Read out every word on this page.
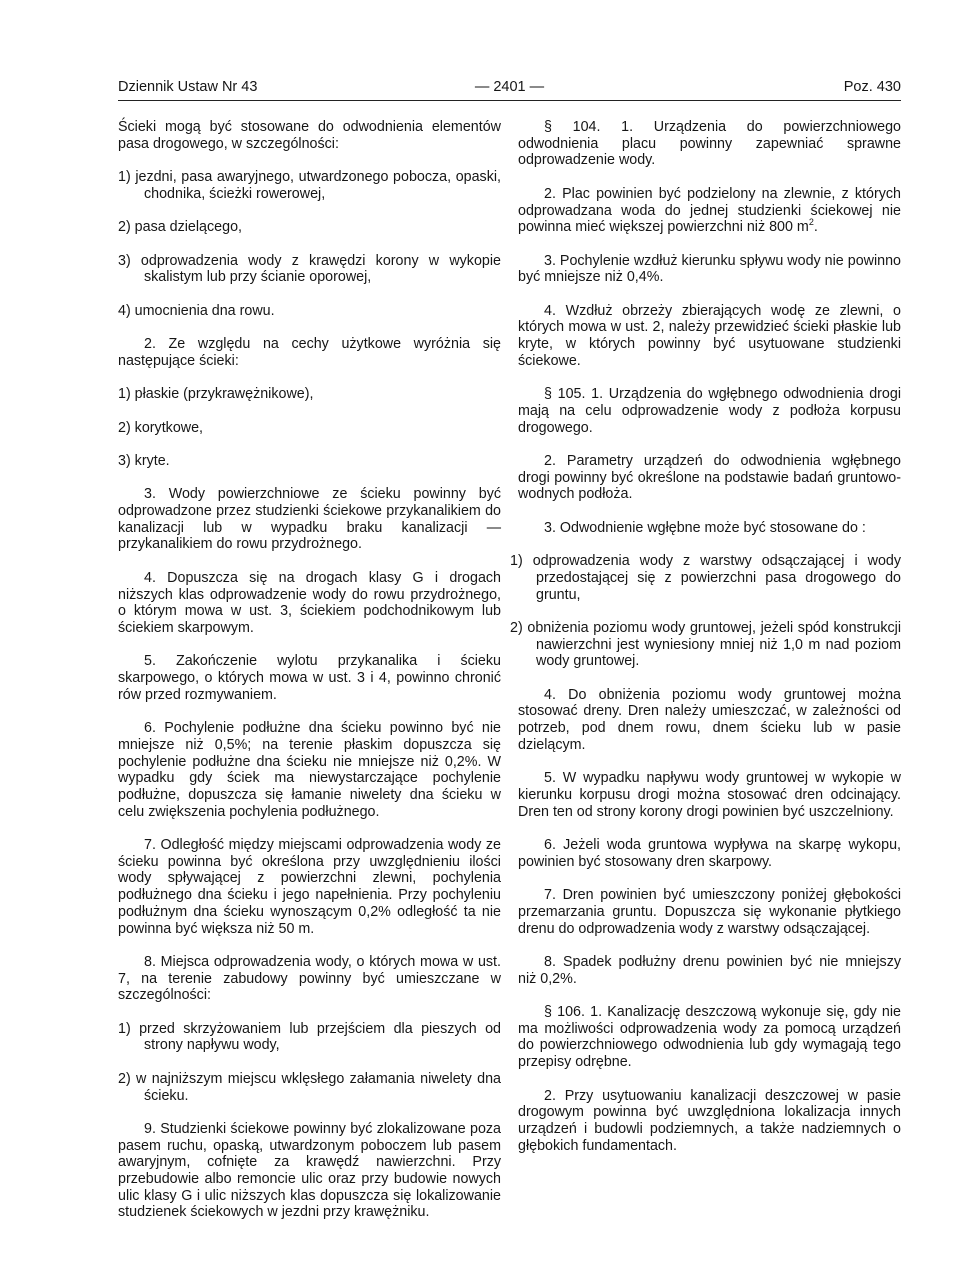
Dziennik Ustaw Nr 43	— 2401 —	Poz. 430

Ścieki mogą być stosowane do odwodnienia elementów pasa drogowego, w szczególności:

1) jezdni, pasa awaryjnego, utwardzonego pobocza, opaski, chodnika, ścieżki rowerowej,

2) pasa dzielącego,

3) odprowadzenia wody z krawędzi korony w wykopie skalistym lub przy ścianie oporowej,

4) umocnienia dna rowu.

2. Ze względu na cechy użytkowe wyróżnia się następujące ścieki:

1) płaskie (przykrawężnikowe),

2) korytkowe,

3) kryte.

3. Wody powierzchniowe ze ścieku powinny być odprowadzone przez studzienki ściekowe przykanalikiem do kanalizacji lub w wypadku braku kanalizacji — przykanalikiem do rowu przydrożnego.

4. Dopuszcza się na drogach klasy G i drogach niższych klas odprowadzenie wody do rowu przydrożnego, o którym mowa w ust. 3, ściekiem podchodnikowym lub ściekiem skarpowym.

5. Zakończenie wylotu przykanalika i ścieku skarpowego, o których mowa w ust. 3 i 4, powinno chronić rów przed rozmywaniem.

6. Pochylenie podłużne dna ścieku powinno być nie mniejsze niż 0,5%; na terenie płaskim dopuszcza się pochylenie podłużne dna ścieku nie mniejsze niż 0,2%. W wypadku gdy ściek ma niewystarczające pochylenie podłużne, dopuszcza się łamanie niwelety dna ścieku w celu zwiększenia pochylenia podłużnego.

7. Odległość między miejscami odprowadzenia wody ze ścieku powinna być określona przy uwzględnieniu ilości wody spływającej z powierzchni zlewni, pochylenia podłużnego dna ścieku i jego napełnienia. Przy pochyleniu podłużnym dna ścieku wynoszącym 0,2% odległość ta nie powinna być większa niż 50 m.

8. Miejsca odprowadzenia wody, o których mowa w ust. 7, na terenie zabudowy powinny być umieszczane w szczególności:

1) przed skrzyżowaniem lub przejściem dla pieszych od strony napływu wody,

2) w najniższym miejscu wklęsłego załamania niwelety dna ścieku.

9. Studzienki ściekowe powinny być zlokalizowane poza pasem ruchu, opaską, utwardzonym poboczem lub pasem awaryjnym, cofnięte za krawędź nawierzchni. Przy przebudowie albo remoncie ulic oraz przy budowie nowych ulic klasy G i ulic niższych klas dopuszcza się lokalizowanie studzienek ściekowych w jezdni przy krawężniku.

§ 104. 1. Urządzenia do powierzchniowego odwodnienia placu powinny zapewniać sprawne odprowadzenie wody.

2. Plac powinien być podzielony na zlewnie, z których odprowadzana woda do jednej studzienki ściekowej nie powinna mieć większej powierzchni niż 800 $m^2$.

3. Pochylenie wzdłuż kierunku spływu wody nie powinno być mniejsze niż 0,4%.

4. Wzdłuż obrzeży zbierających wodę ze zlewni, o których mowa w ust. 2, należy przewidzieć ścieki płaskie lub kryte, w których powinny być usytuowane studzienki ściekowe.

§ 105. 1. Urządzenia do wgłębnego odwodnienia drogi mają na celu odprowadzenie wody z podłoża korpusu drogowego.

2. Parametry urządzeń do odwodnienia wgłębnego drogi powinny być określone na podstawie badań gruntowo-wodnych podłoża.

3. Odwodnienie wgłębne może być stosowane do :

1) odprowadzenia wody z warstwy odsączającej i wody przedostającej się z powierzchni pasa drogowego do gruntu,

2) obniżenia poziomu wody gruntowej, jeżeli spód konstrukcji nawierzchni jest wyniesiony mniej niż 1,0 m nad poziom wody gruntowej.

4. Do obniżenia poziomu wody gruntowej można stosować dreny. Dren należy umieszczać, w zależności od potrzeb, pod dnem rowu, dnem ścieku lub w pasie dzielącym.

5. W wypadku napływu wody gruntowej w wykopie w kierunku korpusu drogi można stosować dren odcinający. Dren ten od strony korony drogi powinien być uszczelniony.

6. Jeżeli woda gruntowa wypływa na skarpę wykopu, powinien być stosowany dren skarpowy.

7. Dren powinien być umieszczony poniżej głębokości przemarzania gruntu. Dopuszcza się wykonanie płytkiego drenu do odprowadzenia wody z warstwy odsączającej.

8. Spadek podłużny drenu powinien być nie mniejszy niż 0,2%.

§ 106. 1. Kanalizację deszczową wykonuje się, gdy nie ma możliwości odprowadzenia wody za pomocą urządzeń do powierzchniowego odwodnienia lub gdy wymagają tego przepisy odrębne.

2. Przy usytuowaniu kanalizacji deszczowej w pasie drogowym powinna być uwzględniona lokalizacja innych urządzeń i budowli podziemnych, a także nadziemnych o głębokich fundamentach.
